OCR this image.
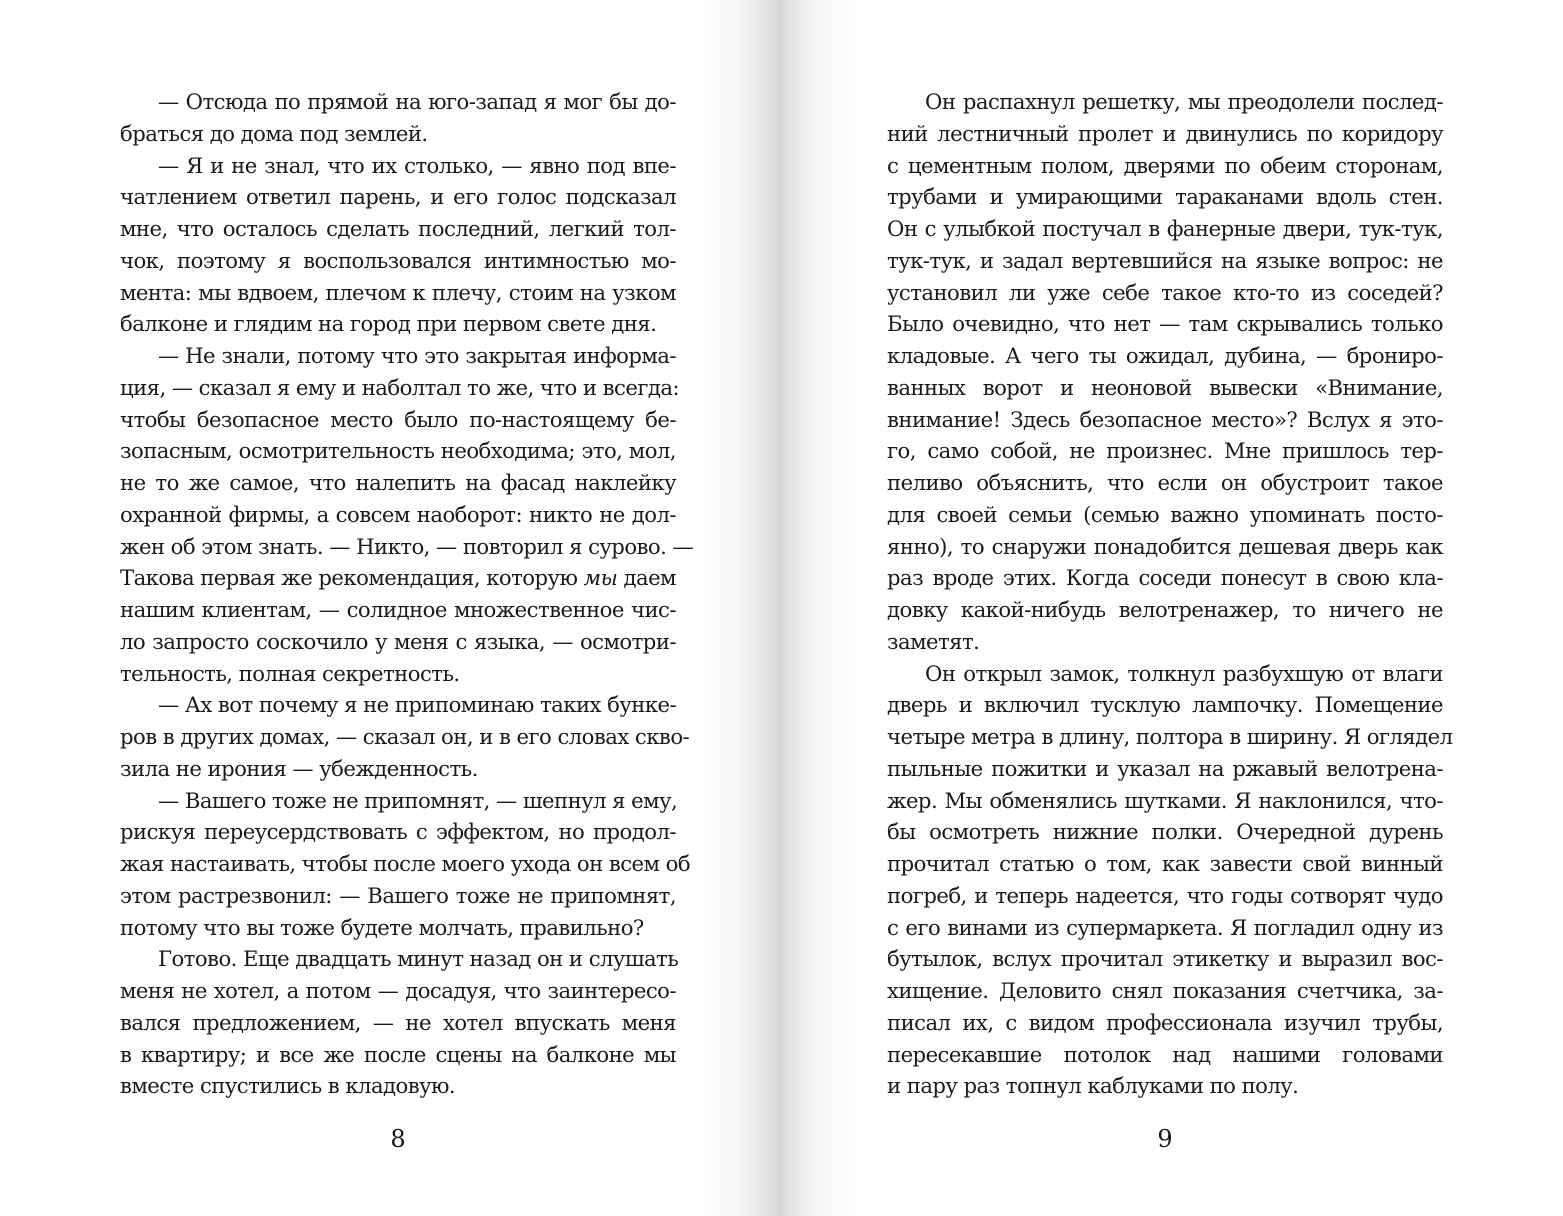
— Отсюда по прямой на юго-запад я мог бы до-
браться до дома под землей.
— Я и не знал, что их столько, — явно под впе-
чатлением ответил парень, и его голос подсказал
мне, что осталось сделать последний, легкий тол-
чок, поэтому я воспользовался интимностью мо-
мента: мы вдвоем, плечом к плечу, стоим на узком
балконе и глядим на город при первом свете дня.
— Не знали, потому что это закрытая информа-
ция, — сказал я ему и наболтал то же, что и всегда:
чтобы безопасное место было по-настоящему бе-
зопасным, осмотрительность необходима; это, мол,
не то же самое, что налепить на фасад наклейку
охранной фирмы, а совсем наоборот: никто не дол-
жен об этом знать. — Никто, — повторил я сурово. —
Такова первая же рекомендация, которую мы даем
нашим клиентам, — солидное множественное чис-
ло запросто соскочило у меня с языка, — осмотри-
тельность, полная секретность.
— Ах вот почему я не припоминаю таких бунке-
ров в других домах, — сказал он, и в его словах скво-
зила не ирония — убежденность.
— Вашего тоже не припомнят, — шепнул я ему,
рискуя переусердствовать с эффектом, но продол-
жая настаивать, чтобы после моего ухода он всем об
этом растрезвонил: — Вашего тоже не припомнят,
потому что вы тоже будете молчать, правильно?
Готово. Еще двадцать минут назад он и слушать
меня не хотел, а потом — досадуя, что заинтересо-
вался предложением, — не хотел впускать меня
в квартиру; и все же после сцены на балконе мы
вместе спустились в кладовую.
Он распахнул решетку, мы преодолели послед-
ний лестничный пролет и двинулись по коридору
с цементным полом, дверями по обеим сторонам,
трубами и умирающими тараканами вдоль стен.
Он с улыбкой постучал в фанерные двери, тук-тук,
тук-тук, и задал вертевшийся на языке вопрос: не
установил ли уже себе такое кто-то из соседей?
Было очевидно, что нет — там скрывались только
кладовые. А чего ты ожидал, дубина, — брониро-
ванных ворот и неоновой вывески «Внимание,
внимание! Здесь безопасное место»? Вслух я это-
го, само собой, не произнес. Мне пришлось тер-
пеливо объяснить, что если он обустроит такое
для своей семьи (семью важно упоминать посто-
янно), то снаружи понадобится дешевая дверь как
раз вроде этих. Когда соседи понесут в свою кла-
довку какой-нибудь велотренажер, то ничего не
заметят.
Он открыл замок, толкнул разбухшую от влаги
дверь и включил тусклую лампочку. Помещение
четыре метра в длину, полтора в ширину. Я оглядел
пыльные пожитки и указал на ржавый велотрена-
жер. Мы обменялись шутками. Я наклонился, что-
бы осмотреть нижние полки. Очередной дурень
прочитал статью о том, как завести свой винный
погреб, и теперь надеется, что годы сотворят чудо
с его винами из супермаркета. Я погладил одну из
бутылок, вслух прочитал этикетку и выразил вос-
хищение. Деловито снял показания счетчика, за-
писал их, с видом профессионала изучил трубы,
пересекавшие потолок над нашими головами
и пару раз топнул каблуками по полу.
8	9
